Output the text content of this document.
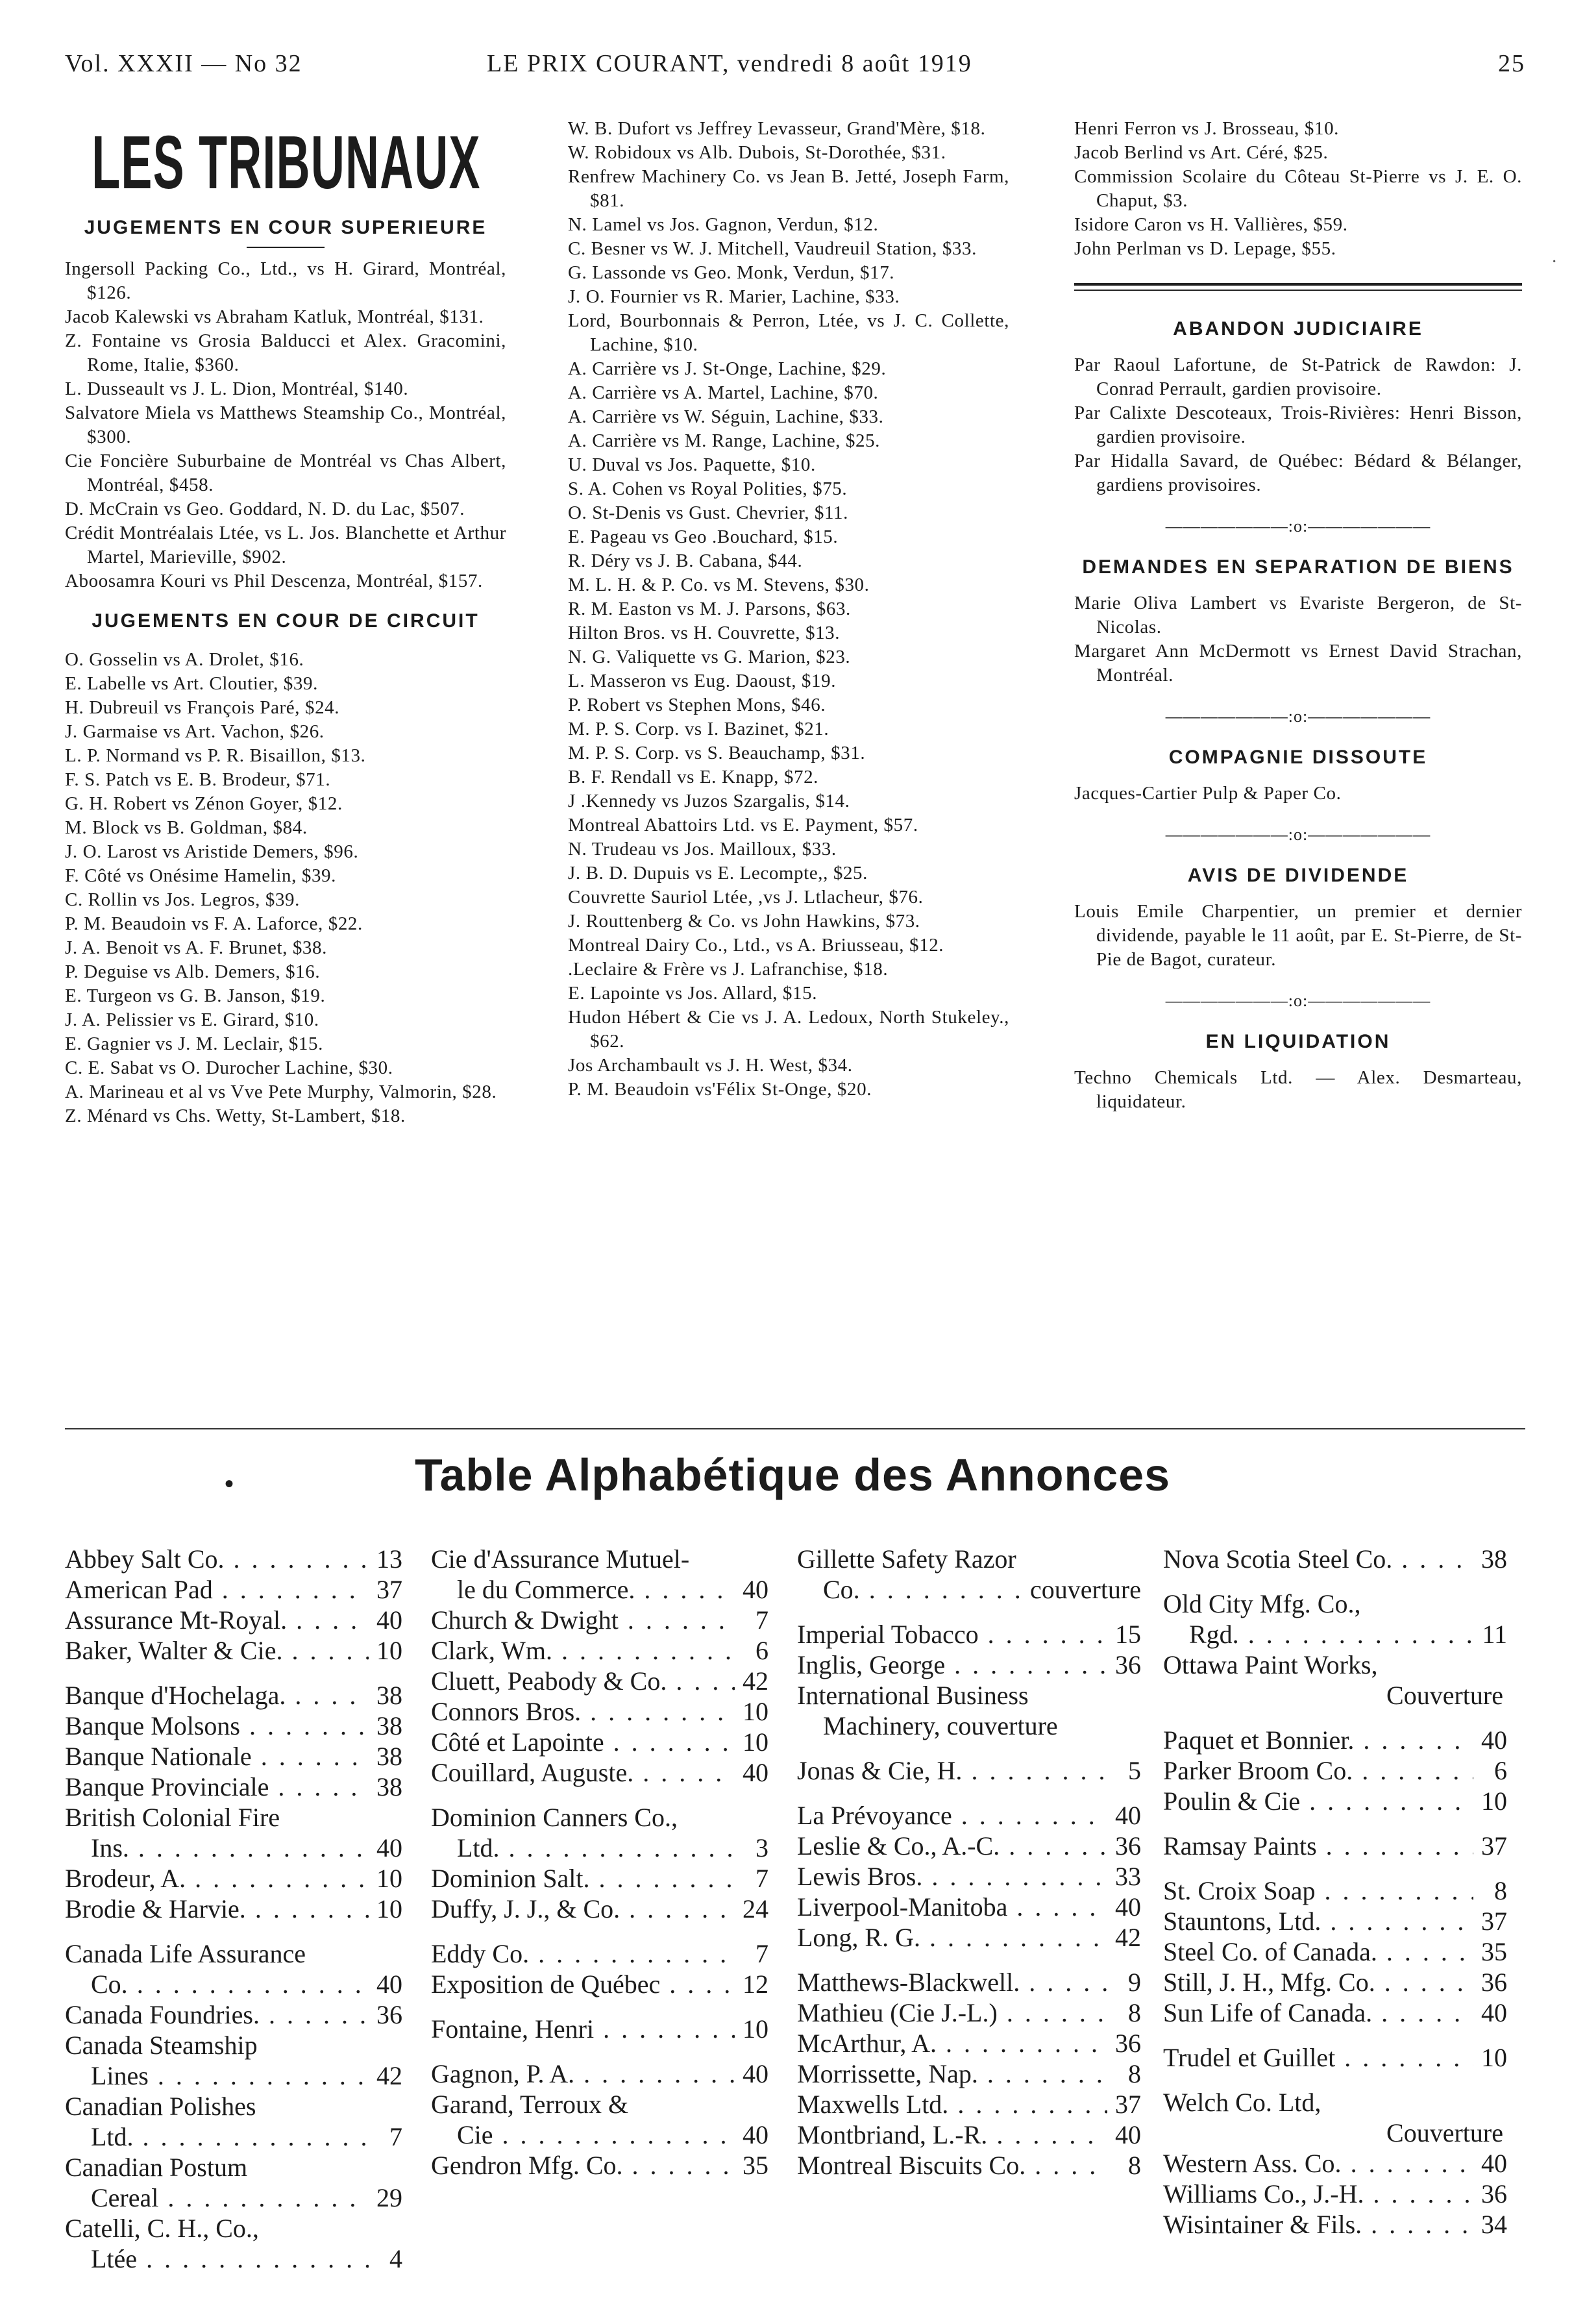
Vol. XXXII — No 32	LE PRIX COURANT, vendredi 8 août 1919	25
LES TRIBUNAUX
JUGEMENTS EN COUR SUPERIEURE

Ingersoll Packing Co., Ltd., vs H. Girard, Montréal, $126.

Jacob Kalewski vs Abraham Katluk, Montréal, $131.

Z. Fontaine vs Grosia Balducci et Alex. Gracomini, Rome, Italie, $360.

L. Dusseault vs J. L. Dion, Montréal, $140.

Salvatore Miela vs Matthews Steamship Co., Montréal, $300.

Cie Foncière Suburbaine de Montréal vs Chas Albert, Montréal, $458.

D. McCrain vs Geo. Goddard, N. D. du Lac, $507.

Crédit Montréalais Ltée, vs L. Jos. Blanchette et Arthur Martel, Marieville, $902.

Aboosamra Kouri vs Phil Descenza, Montréal, $157.

JUGEMENTS EN COUR DE CIRCUIT

O. Gosselin vs A. Drolet, $16.

E. Labelle vs Art. Cloutier, $39.

H. Dubreuil vs François Paré, $24.

J. Garmaise vs Art. Vachon, $26.

L. P. Normand vs P. R. Bisaillon, $13.

F. S. Patch vs E. B. Brodeur, $71.

G. H. Robert vs Zénon Goyer, $12.

M. Block vs B. Goldman, $84.

J. O. Larost vs Aristide Demers, $96.

F. Côté vs Onésime Hamelin, $39.

C. Rollin vs Jos. Legros, $39.

P. M. Beaudoin vs F. A. Laforce, $22.

J. A. Benoit vs A. F. Brunet, $38.

P. Deguise vs Alb. Demers, $16.

E. Turgeon vs G. B. Janson, $19.

J. A. Pelissier vs E. Girard, $10.

E. Gagnier vs J. M. Leclair, $15.

C. E. Sabat vs O. Durocher Lachine, $30.

A. Marineau et al vs Vve Pete Murphy, Valmorin, $28.

Z. Ménard vs Chs. Wetty, St-Lambert, $18.

W. B. Dufort vs Jeffrey Levasseur, Grand'Mère, $18.

W. Robidoux vs Alb. Dubois, St-Dorothée, $31.

Renfrew Machinery Co. vs Jean B. Jetté, Joseph Farm, $81.

N. Lamel vs Jos. Gagnon, Verdun, $12.

C. Besner vs W. J. Mitchell, Vaudreuil Station, $33.

G. Lassonde vs Geo. Monk, Verdun, $17.

J. O. Fournier vs R. Marier, Lachine, $33.

Lord, Bourbonnais & Perron, Ltée, vs J. C. Collette, Lachine, $10.

A. Carrière vs J. St-Onge, Lachine, $29.

A. Carrière vs A. Martel, Lachine, $70.

A. Carrière vs W. Séguin, Lachine, $33.

A. Carrière vs M. Range, Lachine, $25.

U. Duval vs Jos. Paquette, $10.

S. A. Cohen vs Royal Polities, $75.

O. St-Denis vs Gust. Chevrier, $11.

E. Pageau vs Geo .Bouchard, $15.

R. Déry vs J. B. Cabana, $44.

M. L. H. & P. Co. vs M. Stevens, $30.

R. M. Easton vs M. J. Parsons, $63.

Hilton Bros. vs H. Couvrette, $13.

N. G. Valiquette vs G. Marion, $23.

L. Masseron vs Eug. Daoust, $19.

P. Robert vs Stephen Mons, $46.

M. P. S. Corp. vs I. Bazinet, $21.

M. P. S. Corp. vs S. Beauchamp, $31.

B. F. Rendall vs E. Knapp, $72.

J .Kennedy vs Juzos Szargalis, $14.

Montreal Abattoirs Ltd. vs E. Payment, $57.

N. Trudeau vs Jos. Mailloux, $33.

J. B. D. Dupuis vs E. Lecompte,, $25.

Couvrette Sauriol Ltée, ,vs J. Ltlacheur, $76.

J. Routtenberg & Co. vs John Hawkins, $73.

Montreal Dairy Co., Ltd., vs A. Briusseau, $12.

.Leclaire & Frère vs J. Lafranchise, $18.

E. Lapointe vs Jos. Allard, $15.

Hudon Hébert & Cie vs J. A. Ledoux, North Stukeley., $62.

Jos Archambault vs J. H. West, $34.

P. M. Beaudoin vs'Félix St-Onge, $20.

Henri Ferron vs J. Brosseau, $10.

Jacob Berlind vs Art. Céré, $25.

Commission Scolaire du Côteau St-Pierre vs J. E. O. Chaput, $3.

Isidore Caron vs H. Vallières, $59.

John Perlman vs D. Lepage, $55.

ABANDON JUDICIAIRE

Par Raoul Lafortune, de St-Patrick de Rawdon: J. Conrad Perrault, gardien provisoire.

Par Calixte Descoteaux, Trois-Rivières: Henri Bisson, gardien provisoire.

Par Hidalla Savard, de Québec: Bédard & Bélanger, gardiens provisoires.

———————:o:———————
DEMANDES EN SEPARATION DE BIENS

Marie Oliva Lambert vs Evariste Bergeron, de St-Nicolas.

Margaret Ann McDermott vs Ernest David Strachan, Montréal.

———————:o:———————
COMPAGNIE DISSOUTE

Jacques-Cartier Pulp & Paper Co.

———————:o:———————
AVIS DE DIVIDENDE

Louis Emile Charpentier, un premier et dernier dividende, payable le 11 août, par E. St-Pierre, de St-Pie de Bagot, curateur.

———————:o:———————
EN LIQUIDATION

Techno Chemicals Ltd. — Alex. Desmarteau, liquidateur.

·
•	Table Alphabétique des Annonces
Abbey Salt Co. . . .	13
American Pad . . .	37
Assurance Mt-Royal. . . .	40
Baker, Walter & Cie. . . .	10
Banque d'Hochelaga. . . .	38
Banque Molsons . . .	38
Banque Nationale . . .	38
Banque Provinciale . . .	38
British Colonial Fire
Ins. . . .	40
Brodeur, A. . . .	10
Brodie & Harvie. . . .	10
Canada Life Assurance
Co. . . .	40
Canada Foundries. . . .	36
Canada Steamship
Lines . . .	42
Canadian Polishes
Ltd. . . .	7
Canadian Postum
Cereal . . .	29
Catelli, C. H., Co.,
Ltée . . .	4
Cie d'Assurance Mutuel-
le du Commerce. . . .	40
Church & Dwight . . .	7
Clark, Wm. . . .	6
Cluett, Peabody & Co. . . .	42
Connors Bros. . . .	10
Côté et Lapointe . . .	10
Couillard, Auguste. . . .	40
Dominion Canners Co.,
Ltd. . . .	3
Dominion Salt. . . .	7
Duffy, J. J., & Co. . . .	24
Eddy Co. . . .	7
Exposition de Québec . . .	12
Fontaine, Henri . . .	10
Gagnon, P. A. . . .	40
Garand, Terroux &
Cie . . .	40
Gendron Mfg. Co. . . .	35
Gillette Safety Razor
Co. . . .	couverture
Imperial Tobacco . . .	15
Inglis, George . . .	36
International Business
Machinery, couverture
Jonas & Cie, H. . . .	5
La Prévoyance . . .	40
Leslie & Co., A.-C. . . .	36
Lewis Bros. . . .	33
Liverpool-Manitoba . . .	40
Long, R. G. . . .	42
Matthews-Blackwell. . . .	9
Mathieu (Cie J.-L.) . . .	8
McArthur, A. . . .	36
Morrissette, Nap. . . .	8
Maxwells Ltd. . . .	37
Montbriand, L.-R. . . .	40
Montreal Biscuits Co. . . .	8
Nova Scotia Steel Co. . . .	38
Old City Mfg. Co.,
Rgd. . . .	11
Ottawa Paint Works,
Couverture
Paquet et Bonnier. . . .	40
Parker Broom Co. . . .	6
Poulin & Cie . . .	10
Ramsay Paints . . .	37
St. Croix Soap . . .	8
Stauntons, Ltd. . . .	37
Steel Co. of Canada. . . .	35
Still, J. H., Mfg. Co. . . .	36
Sun Life of Canada. . . .	40
Trudel et Guillet . . .	10
Welch Co. Ltd,
Couverture
Western Ass. Co. . . .	40
Williams Co., J.-H. . . .	36
Wisintainer & Fils. . . .	34
